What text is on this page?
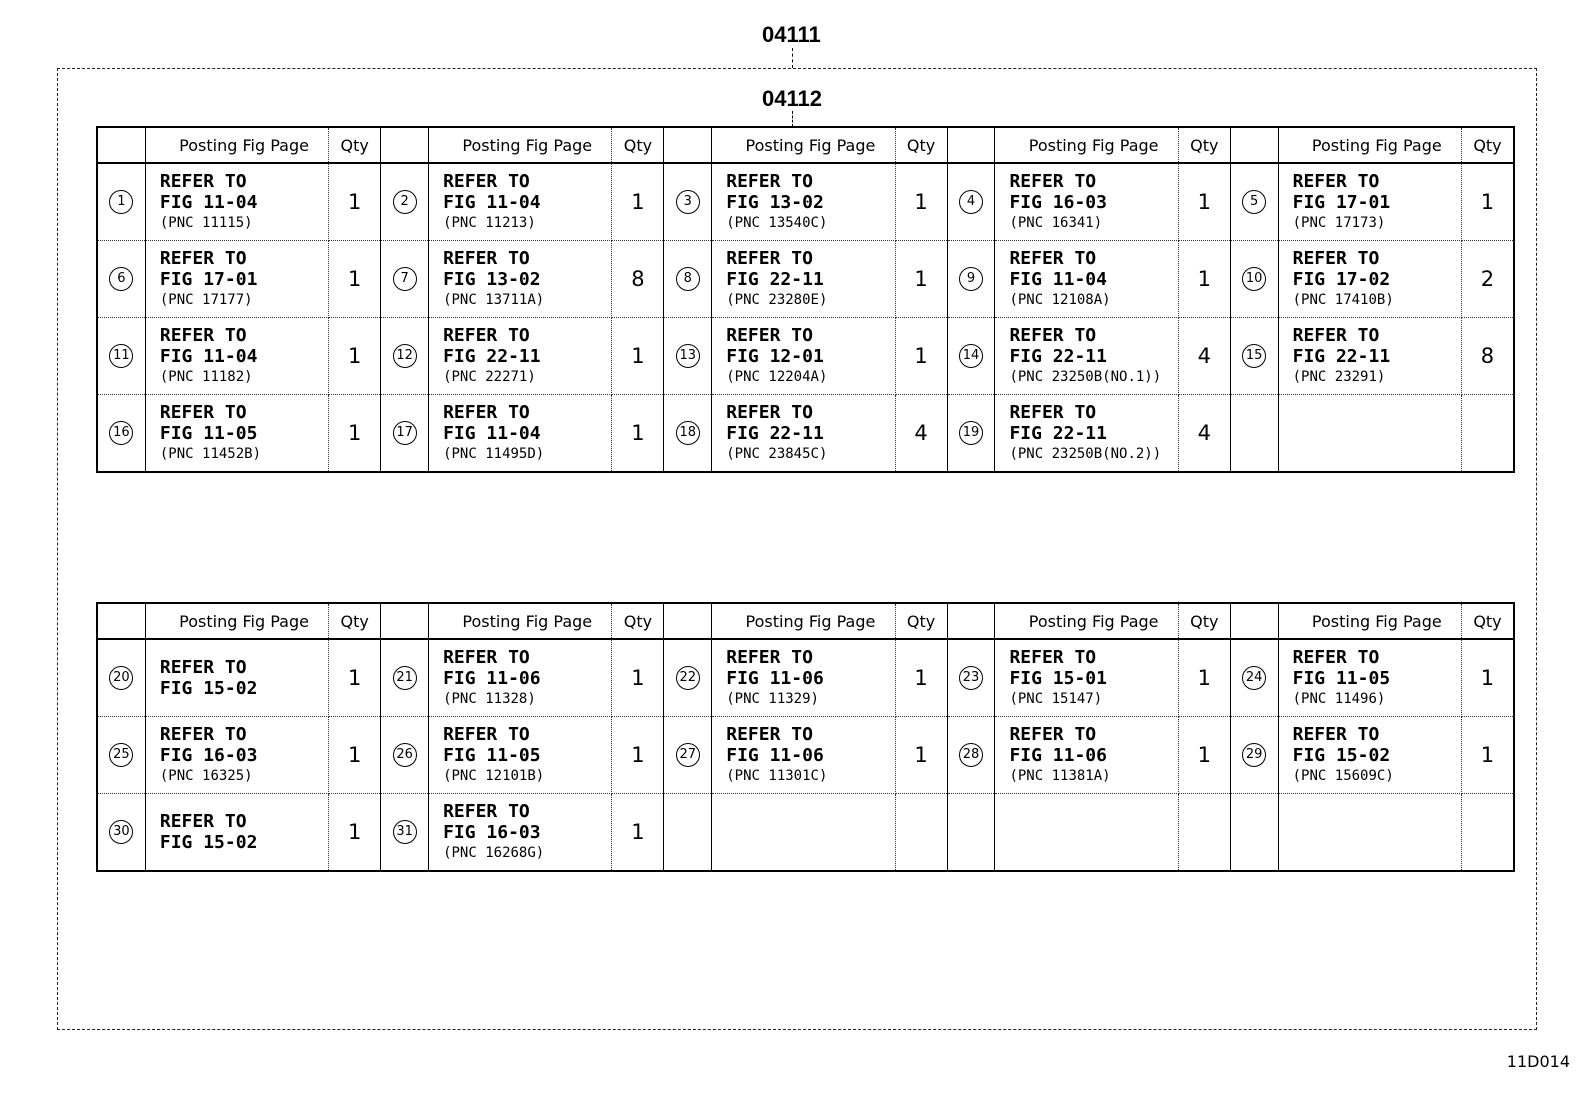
04111
04112
	Posting Fig Page	Qty		Posting Fig Page	Qty		Posting Fig Page	Qty		Posting Fig Page	Qty		Posting Fig Page	Qty
1	REFER TO
FIG 11-04
(PNC 11115)	1	2	REFER TO
FIG 11-04
(PNC 11213)	1	3	REFER TO
FIG 13-02
(PNC 13540C)	1	4	REFER TO
FIG 16-03
(PNC 16341)	1	5	REFER TO
FIG 17-01
(PNC 17173)	1
6	REFER TO
FIG 17-01
(PNC 17177)	1	7	REFER TO
FIG 13-02
(PNC 13711A)	8	8	REFER TO
FIG 22-11
(PNC 23280E)	1	9	REFER TO
FIG 11-04
(PNC 12108A)	1	10	REFER TO
FIG 17-02
(PNC 17410B)	2
11	REFER TO
FIG 11-04
(PNC 11182)	1	12	REFER TO
FIG 22-11
(PNC 22271)	1	13	REFER TO
FIG 12-01
(PNC 12204A)	1	14	REFER TO
FIG 22-11
(PNC 23250B(NO.1))	4	15	REFER TO
FIG 22-11
(PNC 23291)	8
16	REFER TO
FIG 11-05
(PNC 11452B)	1	17	REFER TO
FIG 11-04
(PNC 11495D)	1	18	REFER TO
FIG 22-11
(PNC 23845C)	4	19	REFER TO
FIG 22-11
(PNC 23250B(NO.2))	4		

	Posting Fig Page	Qty		Posting Fig Page	Qty		Posting Fig Page	Qty		Posting Fig Page	Qty		Posting Fig Page	Qty
20	REFER TO
FIG 15-02	1	21	REFER TO
FIG 11-06
(PNC 11328)	1	22	REFER TO
FIG 11-06
(PNC 11329)	1	23	REFER TO
FIG 15-01
(PNC 15147)	1	24	REFER TO
FIG 11-05
(PNC 11496)	1
25	REFER TO
FIG 16-03
(PNC 16325)	1	26	REFER TO
FIG 11-05
(PNC 12101B)	1	27	REFER TO
FIG 11-06
(PNC 11301C)	1	28	REFER TO
FIG 11-06
(PNC 11381A)	1	29	REFER TO
FIG 15-02
(PNC 15609C)	1
30	REFER TO
FIG 15-02	1	31	REFER TO
FIG 16-03
(PNC 16268G)	1		

11D014
